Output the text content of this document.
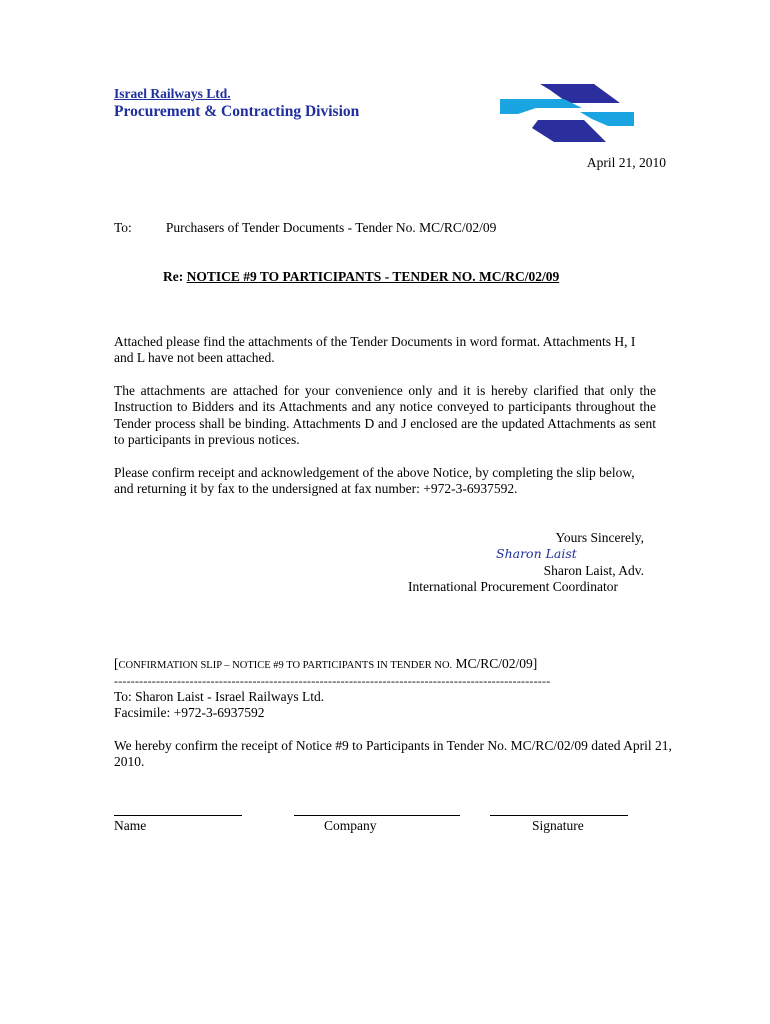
Israel Railways Ltd.
Procurement & Contracting Division
April 21, 2010
To:	Purchasers of Tender Documents - Tender No. MC/RC/02/09
Re: NOTICE #9 TO PARTICIPANTS - TENDER NO. MC/RC/02/09

Attached please find the attachments of the Tender Documents in word format. Attachments H, I and L have not been attached.

The attachments are attached for your convenience only and it is hereby clarified that only the Instruction to Bidders and its Attachments and any notice conveyed to participants throughout the Tender process shall be binding. Attachments D and J enclosed are the updated Attachments as sent to participants in previous notices.

Please confirm receipt and acknowledgement of the above Notice, by completing the slip below, and returning it by fax to the undersigned at fax number: +972-3-6937592.

Yours Sincerely,
Sharon Laist
Sharon Laist, Adv.
International Procurement Coordinator
[CONFIRMATION SLIP – NOTICE #9 TO PARTICIPANTS IN TENDER NO. MC/RC/02/09]
--------------------------------------------------------------------------------------------------------
To: Sharon Laist - Israel Railways Ltd.
Facsimile: +972-3-6937592
We hereby confirm the receipt of Notice #9 to Participants in Tender No. MC/RC/02/09 dated April 21, 2010.
Name	Company	Signature
